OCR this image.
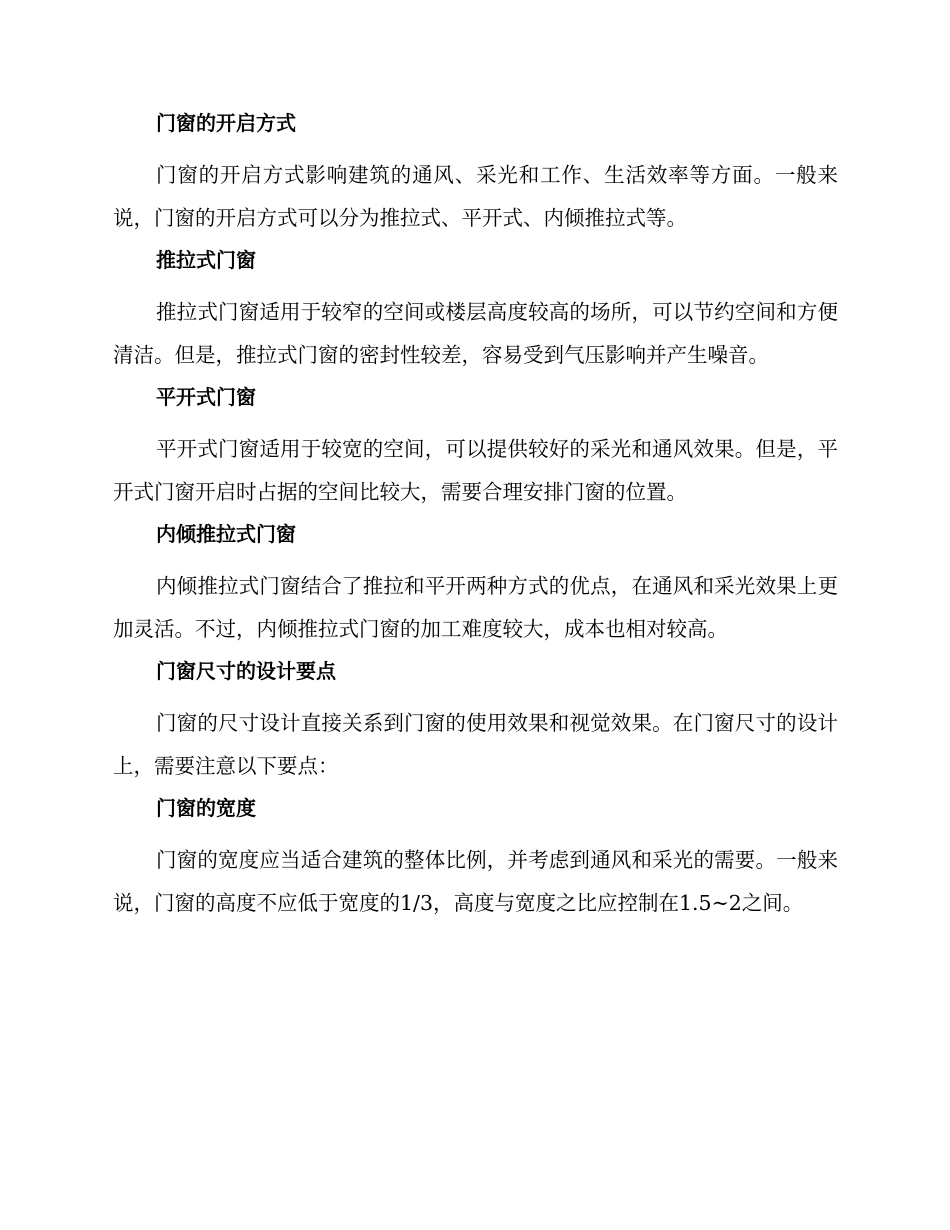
门窗的开启方式

门窗的开启方式影响建筑的通风、采光和工作、生活效率等方面。一般来说，门窗的开启方式可以分为推拉式、平开式、内倾推拉式等。

推拉式门窗

推拉式门窗适用于较窄的空间或楼层高度较高的场所，可以节约空间和方便清洁。但是，推拉式门窗的密封性较差，容易受到气压影响并产生噪音。

平开式门窗

平开式门窗适用于较宽的空间，可以提供较好的采光和通风效果。但是，平开式门窗开启时占据的空间比较大，需要合理安排门窗的位置。

内倾推拉式门窗

内倾推拉式门窗结合了推拉和平开两种方式的优点，在通风和采光效果上更加灵活。不过，内倾推拉式门窗的加工难度较大，成本也相对较高。

门窗尺寸的设计要点

门窗的尺寸设计直接关系到门窗的使用效果和视觉效果。在门窗尺寸的设计上，需要注意以下要点：

门窗的宽度

门窗的宽度应当适合建筑的整体比例，并考虑到通风和采光的需要。一般来说，门窗的高度不应低于宽度的1/3，高度与宽度之比应控制在1.5~2之间。
